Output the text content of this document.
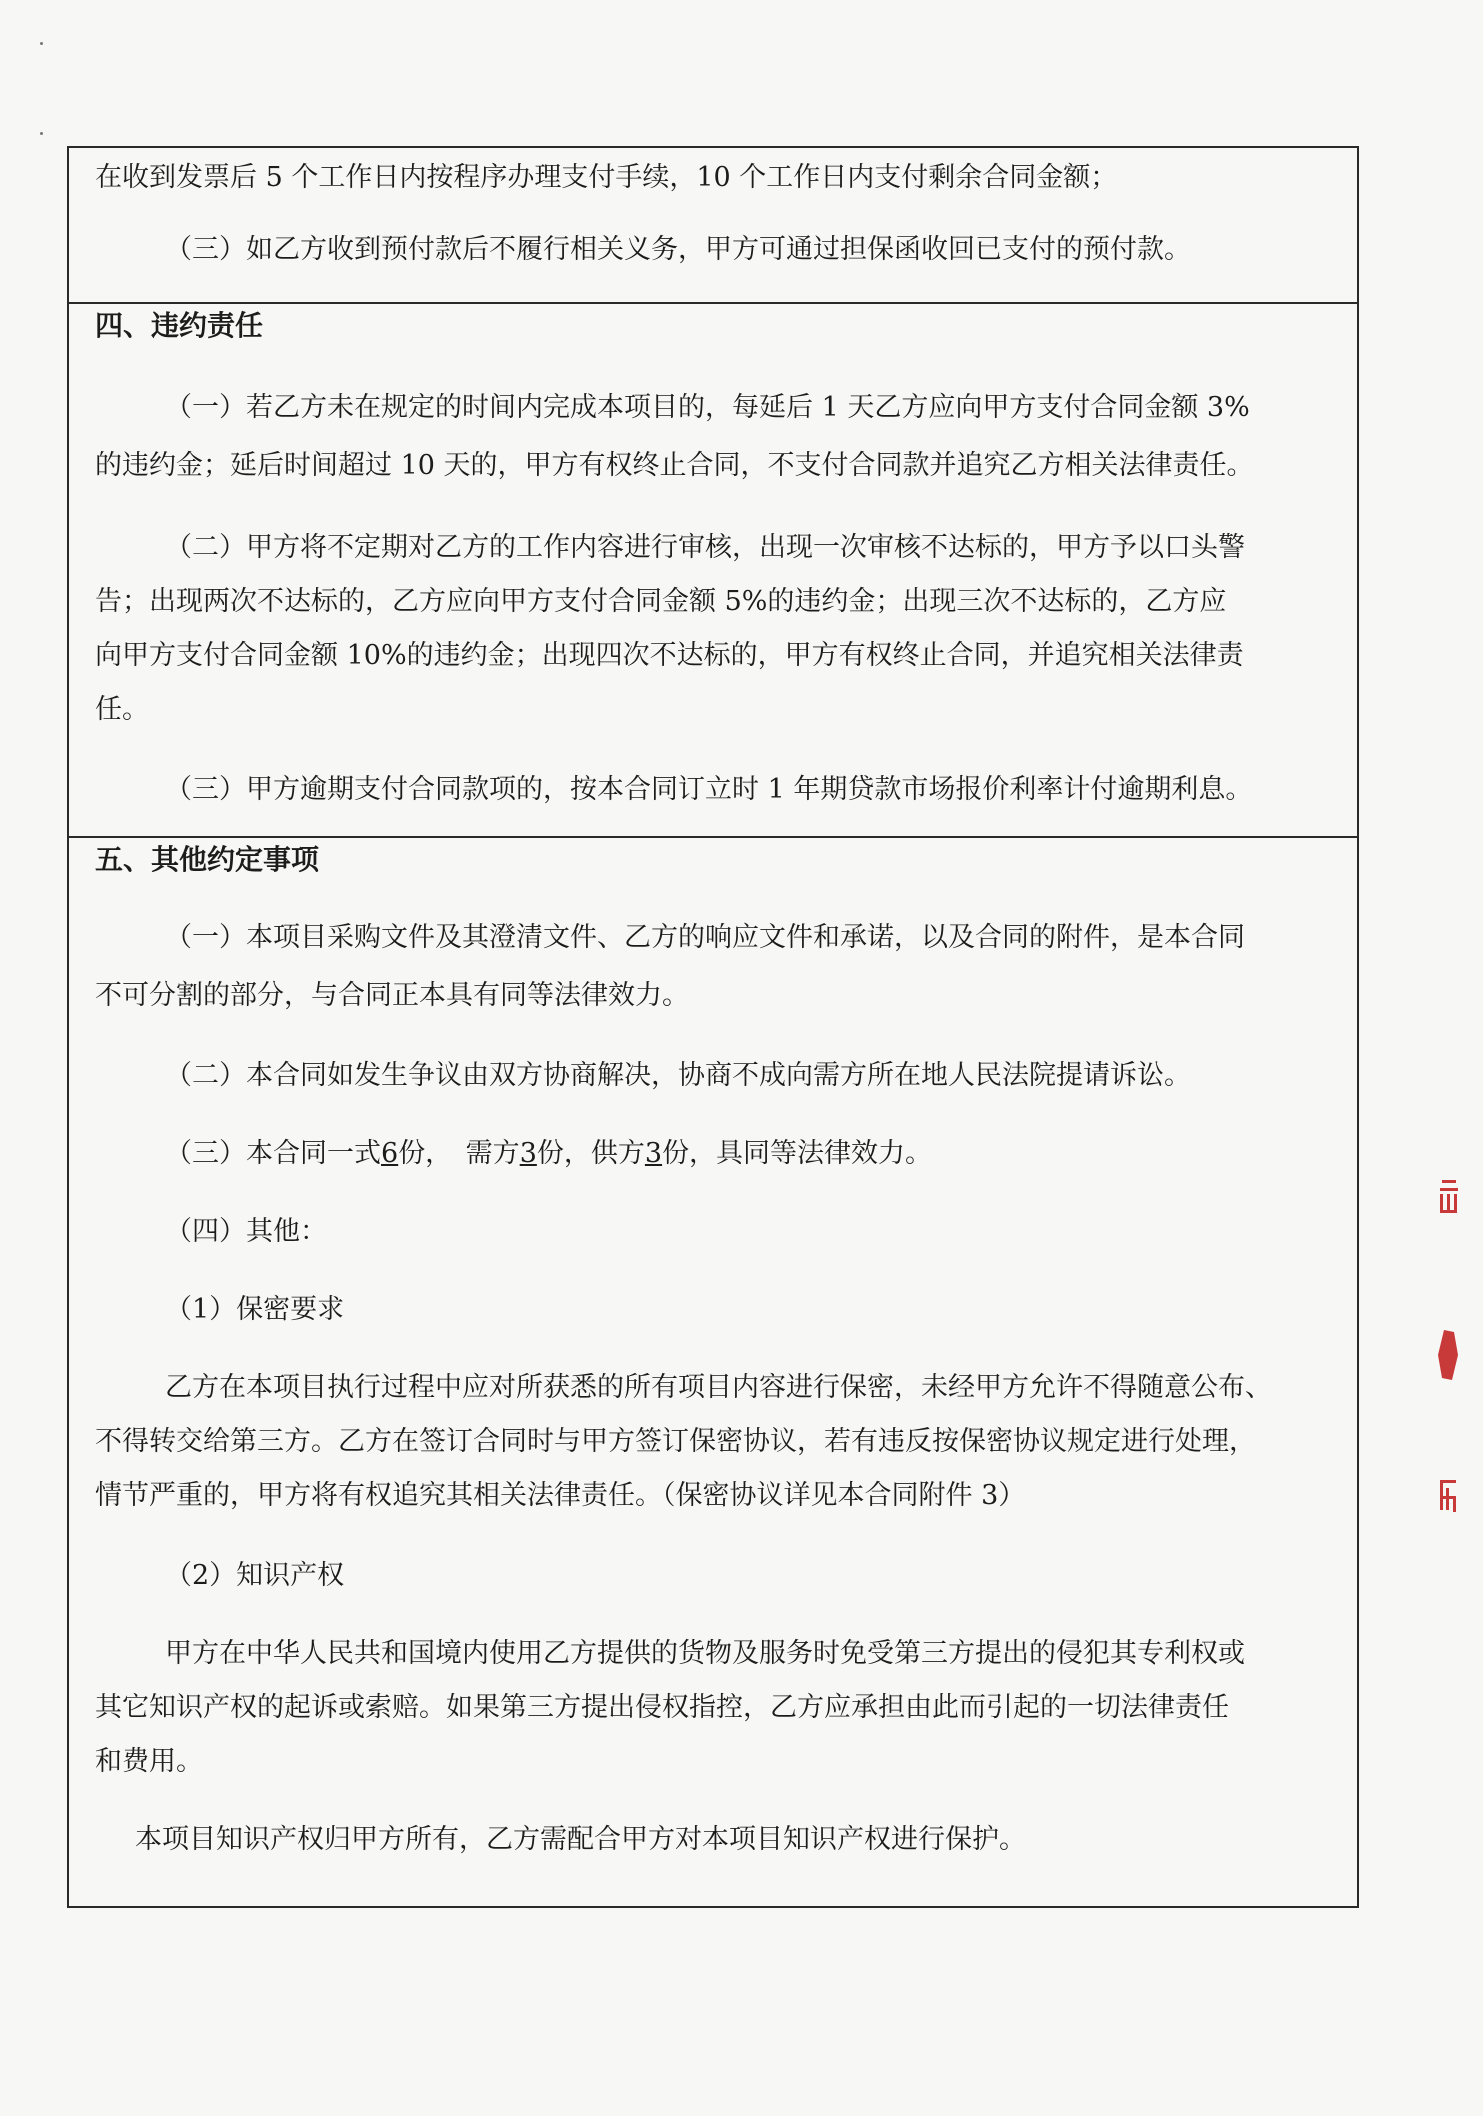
在收到发票后 5 个工作日内按程序办理支付手续，10 个工作日内支付剩余合同金额；
（三）如乙方收到预付款后不履行相关义务，甲方可通过担保函收回已支付的预付款。
四、违约责任
（一）若乙方未在规定的时间内完成本项目的，每延后 1 天乙方应向甲方支付合同金额 3%
的违约金；延后时间超过 10 天的，甲方有权终止合同，不支付合同款并追究乙方相关法律责任。
（二）甲方将不定期对乙方的工作内容进行审核，出现一次审核不达标的，甲方予以口头警
告；出现两次不达标的，乙方应向甲方支付合同金额 5%的违约金；出现三次不达标的，乙方应
向甲方支付合同金额 10%的违约金；出现四次不达标的，甲方有权终止合同，并追究相关法律责
任。
（三）甲方逾期支付合同款项的，按本合同订立时 1 年期贷款市场报价利率计付逾期利息。
五、其他约定事项
（一）本项目采购文件及其澄清文件、乙方的响应文件和承诺，以及合同的附件，是本合同
不可分割的部分，与合同正本具有同等法律效力。
（二）本合同如发生争议由双方协商解决，协商不成向需方所在地人民法院提请诉讼。
（三）本合同一式6份，　需方3份，供方3份，具同等法律效力。
（四）其他：
（1）保密要求
乙方在本项目执行过程中应对所获悉的所有项目内容进行保密，未经甲方允许不得随意公布、
不得转交给第三方。乙方在签订合同时与甲方签订保密协议，若有违反按保密协议规定进行处理，
情节严重的，甲方将有权追究其相关法律责任。（保密协议详见本合同附件 3）
（2）知识产权
甲方在中华人民共和国境内使用乙方提供的货物及服务时免受第三方提出的侵犯其专利权或
其它知识产权的起诉或索赔。如果第三方提出侵权指控，乙方应承担由此而引起的一切法律责任
和费用。
本项目知识产权归甲方所有，乙方需配合甲方对本项目知识产权进行保护。
